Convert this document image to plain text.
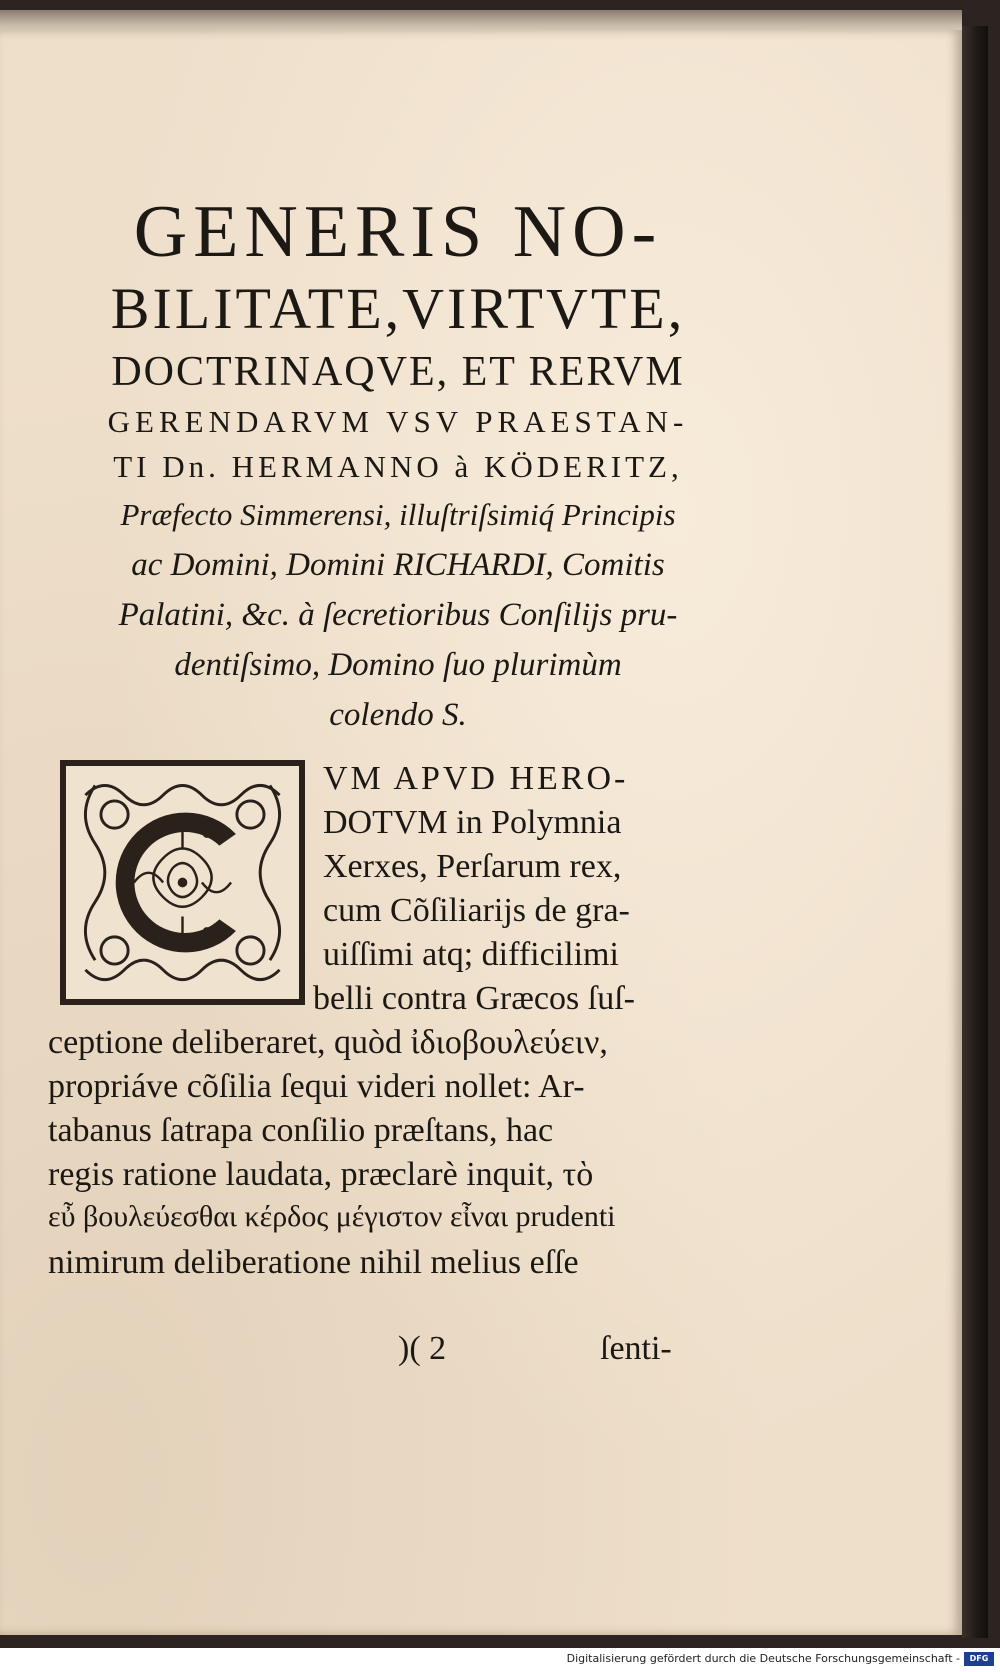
GENERIS NO-
BILITATE,VIRTVTE,
DOCTRINAQVE, ET RERVM
GERENDARVM VSV PRAESTAN-
TI Dn. HERMANNO à KÖDERITZ,
Præfecto Simmerensi, illuſtriſsimiq́ Principis
ac Domini, Domini RICHARDI, Comitis
Palatini, &c. à ſecretioribus Conſilijs pru-
dentiſsimo, Domino ſuo plurimùm
colendo S.
VM APVD HERO-
DOTVM in Polymnia
Xerxes, Perſarum rex,
cum Cõſiliarijs de gra-
uiſſimi atq; difficilimi
belli contra Græcos ſuſ-
ceptione deliberaret, quòd ἰδιοβουλεύειν,
propriáve cõſilia ſequi videri nollet: Ar-
tabanus ſatrapa conſilio præſtans, hac
regis ratione laudata, præclarè inquit, τὸ
εὖ βουλεύεσθαι κέρδος μέγιστον εἶναι prudenti
nimirum deliberatione nihil melius eſſe
)( 2	ſenti-
Digitalisierung gefördert durch die Deutsche Forschungsgemeinschaft -	DFG
